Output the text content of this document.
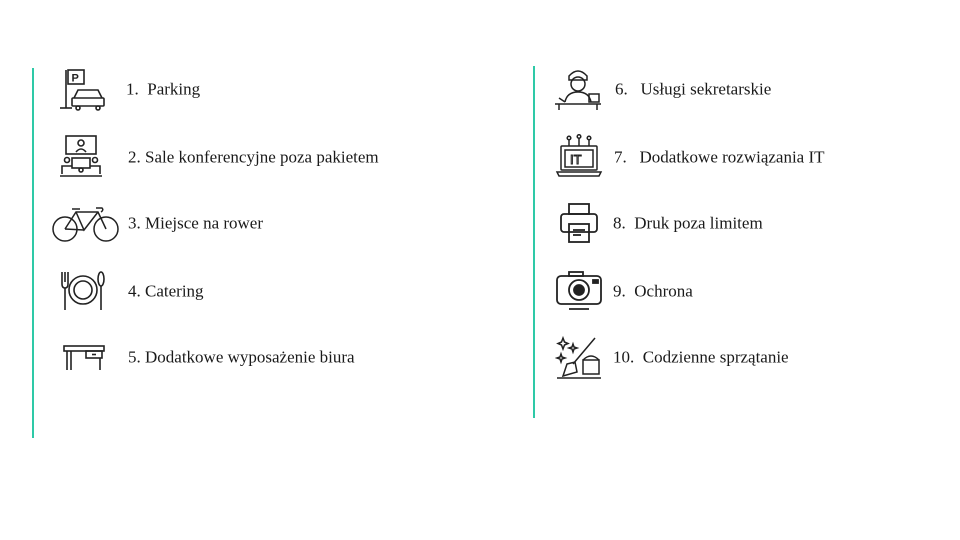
P
1. Parking
2. Sale konferencyjne poza pakietem
3. Miejsce na rower
4. Catering
5. Dodatkowe wyposażenie biura
6. Usługi sekretarskie
IT 7. Dodatkowe rozwiązania IT
8. Druk poza limitem
9. Ochrona
10. Codzienne sprzątanie
